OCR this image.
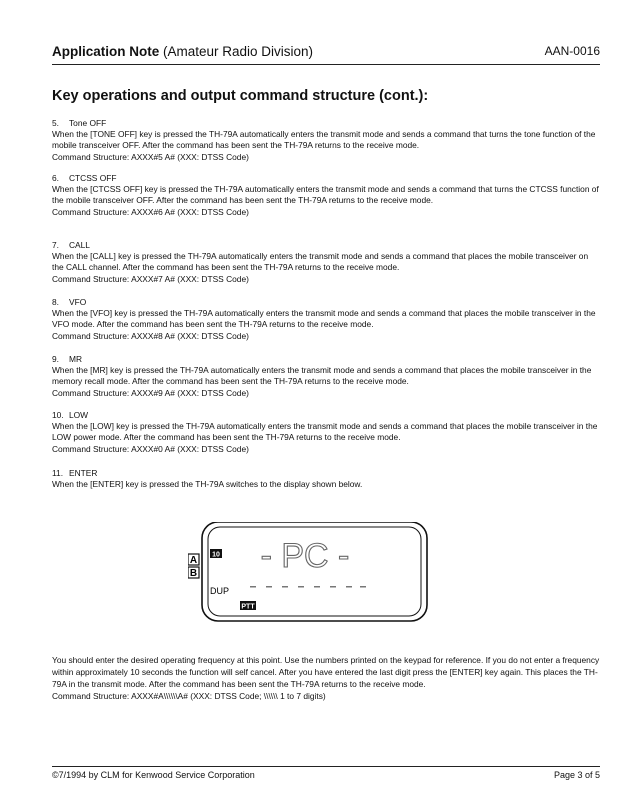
Application Note (Amateur Radio Division)	AAN-0016
Key operations and output command structure (cont.):

5. Tone OFF

When the [TONE OFF] key is pressed the TH-79A automatically enters the transmit mode and sends a command that turns the tone function of the mobile transceiver OFF. After the command has been sent the TH-79A returns to the receive mode.

Command Structure: AXXX#5 A# (XXX: DTSS Code)

6. CTCSS OFF

When the [CTCSS OFF] key is pressed the TH-79A automatically enters the transmit mode and sends a command that turns the CTCSS function of the mobile transceiver OFF. After the command has been sent the TH-79A returns to the receive mode.

Command Structure: AXXX#6 A# (XXX: DTSS Code)

7. CALL

When the [CALL] key is pressed the TH-79A automatically enters the transmit mode and sends a command that places the mobile transceiver on the CALL channel. After the command has been sent the TH-79A returns to the receive mode.

Command Structure: AXXX#7 A# (XXX: DTSS Code)

8. VFO

When the [VFO] key is pressed the TH-79A automatically enters the transmit mode and sends a command that places the mobile transceiver in the VFO mode. After the command has been sent the TH-79A returns to the receive mode.

Command Structure: AXXX#8 A# (XXX: DTSS Code)

9. MR

When the [MR] key is pressed the TH-79A automatically enters the transmit mode and sends a command that places the mobile transceiver in the memory recall mode. After the command has been sent the TH-79A returns to the receive mode.

Command Structure: AXXX#9 A# (XXX: DTSS Code)

10. LOW

When the [LOW] key is pressed the TH-79A automatically enters the transmit mode and sends a command that places the mobile transceiver in the LOW power mode. After the command has been sent the TH-79A returns to the receive mode.

Command Structure: AXXX#0 A# (XXX: DTSS Code)

11. ENTER

When the [ENTER] key is pressed the TH-79A switches to the display shown below.

A
B
10 - PC -
DUP
PTT

You should enter the desired operating frequency at this point. Use the numbers printed on the keypad for reference. If you do not enter a frequency within approximately 10 seconds the function will self cancel. After you have entered the last digit press the [ENTER] key again. This places the TH-79A in the transmit mode. After the command has been sent the TH-79A returns to the receive mode.

Command Structure: AXXX#A\\\\\\A# (XXX: DTSS Code; \\\\\\ 1 to 7 digits)

©7/1994 by CLM for Kenwood Service Corporation	Page 3 of 5
